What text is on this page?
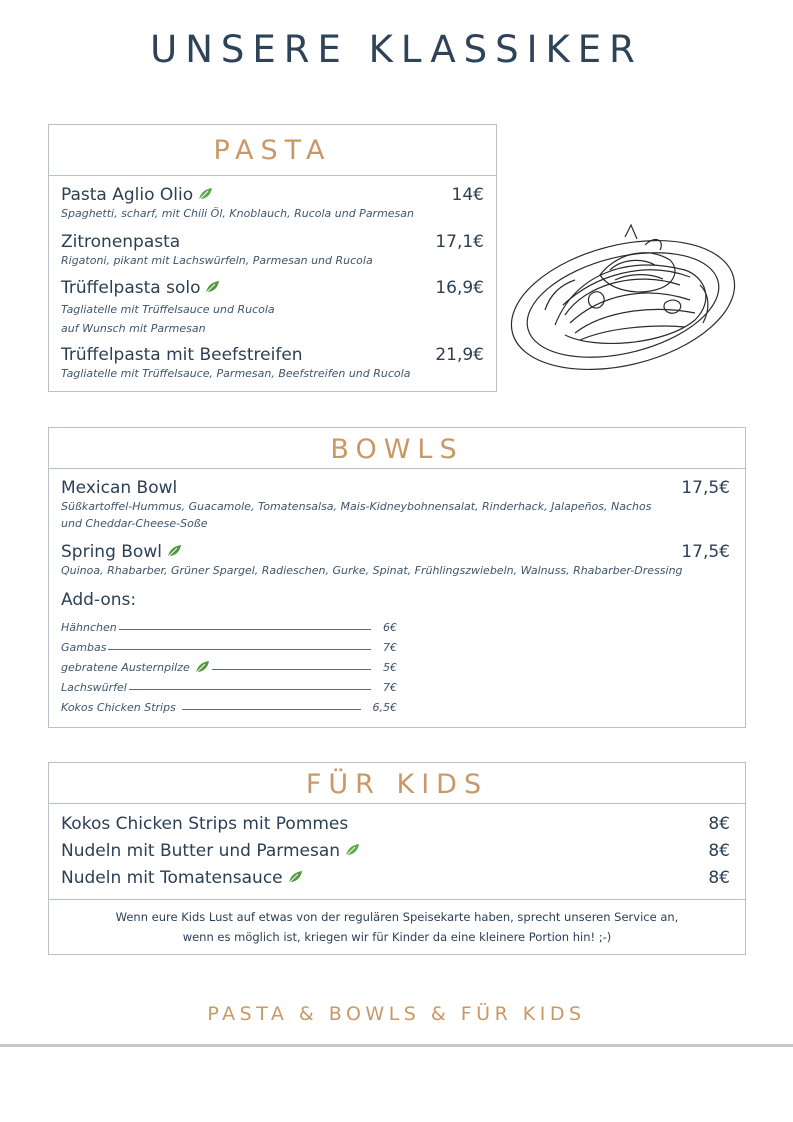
UNSERE KLASSIKER
PASTA
Pasta Aglio Olio	14€
Spaghetti, scharf, mit Chili Öl, Knoblauch, Rucola und Parmesan
Zitronenpasta	17,1€
Rigatoni, pikant mit Lachswürfeln, Parmesan und Rucola
Trüffelpasta solo	16,9€
Tagliatelle mit Trüffelsauce und Rucola
auf Wunsch mit Parmesan
Trüffelpasta mit Beefstreifen	21,9€
Tagliatelle mit Trüffelsauce, Parmesan, Beefstreifen und Rucola
BOWLS
Mexican Bowl	17,5€
Süßkartoffel-Hummus, Guacamole, Tomatensalsa, Mais-Kidneybohnensalat, Rinderhack, Jalapeños, Nachos
und Cheddar-Cheese-Soße
Spring Bowl	17,5€
Quinoa, Rhabarber, Grüner Spargel, Radieschen, Gurke, Spinat, Frühlingszwiebeln, Walnuss, Rhabarber-Dressing
Add-ons:
Hähnchen	6€
Gambas	7€
gebratene Austernpilze	5€
Lachswürfel	7€
Kokos Chicken Strips	6,5€
FÜR KIDS
Kokos Chicken Strips mit Pommes	8€
Nudeln mit Butter und Parmesan	8€
Nudeln mit Tomatensauce	8€
Wenn eure Kids Lust auf etwas von der regulären Speisekarte haben, sprecht unseren Service an,
wenn es möglich ist, kriegen wir für Kinder da eine kleinere Portion hin! ;-)
PASTA & BOWLS & FÜR KIDS
